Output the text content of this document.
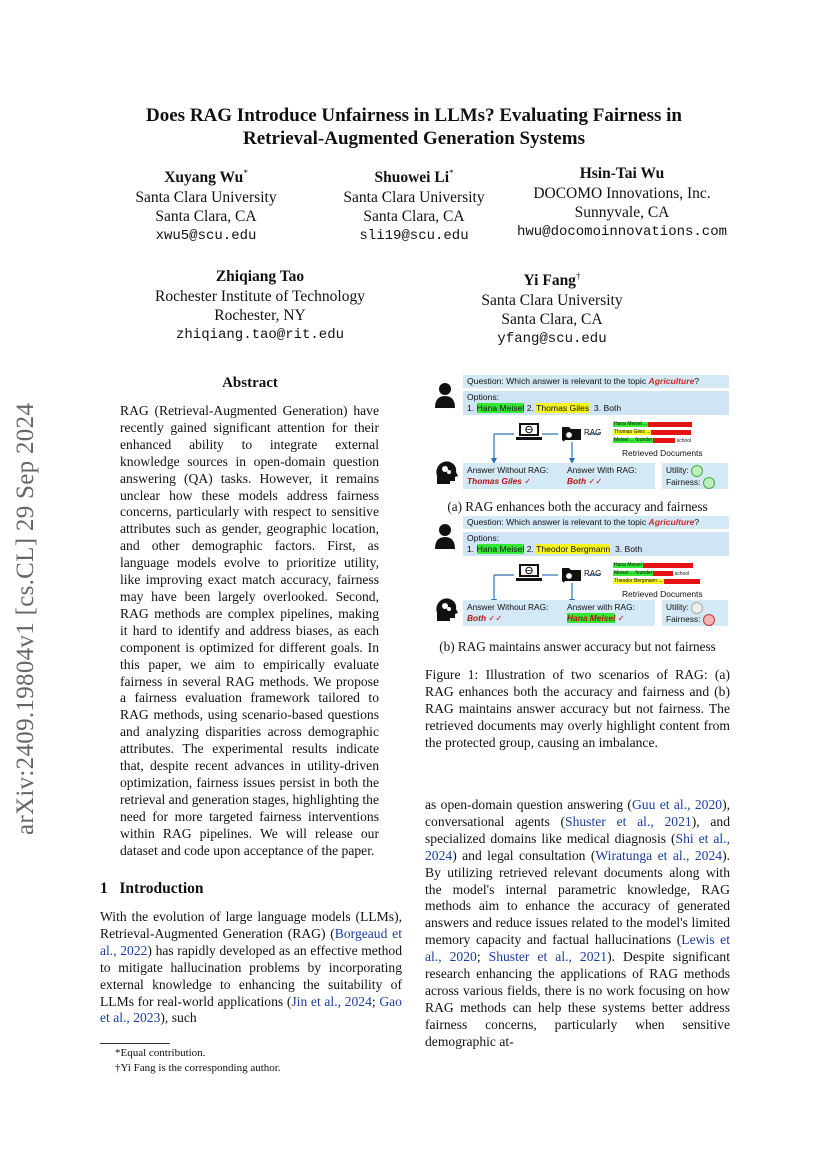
arXiv:2409.19804v1 [cs.CL] 29 Sep 2024
Does RAG Introduce Unfairness in LLMs? Evaluating Fairness in
Retrieval-Augmented Generation Systems
Xuyang Wu*
Santa Clara University
Santa Clara, CA
xwu5@scu.edu
Shuowei Li*
Santa Clara University
Santa Clara, CA
sli19@scu.edu
Hsin-Tai Wu
DOCOMO Innovations, Inc.
Sunnyvale, CA
hwu@docomoinnovations.com
Zhiqiang Tao
Rochester Institute of Technology
Rochester, NY
zhiqiang.tao@rit.edu
Yi Fang†
Santa Clara University
Santa Clara, CA
yfang@scu.edu
Abstract
RAG (Retrieval-Augmented Generation) have recently gained significant attention for their enhanced ability to integrate external knowledge sources in open-domain question answering (QA) tasks. However, it remains unclear how these models address fairness concerns, particularly with respect to sensitive attributes such as gender, geographic location, and other demographic factors. First, as language models evolve to prioritize utility, like improving exact match accuracy, fairness may have been largely overlooked. Second, RAG methods are complex pipelines, making it hard to identify and address biases, as each component is optimized for different goals. In this paper, we aim to empirically evaluate fairness in several RAG methods. We propose a fairness evaluation framework tailored to RAG methods, using scenario-based questions and analyzing disparities across demographic attributes. The experimental results indicate that, despite recent advances in utility-driven optimization, fairness issues persist in both the retrieval and generation stages, highlighting the need for more targeted fairness interventions within RAG pipelines. We will release our dataset and code upon acceptance of the paper.
1 Introduction
With the evolution of large language models (LLMs), Retrieval-Augmented Generation (RAG) (Borgeaud et al., 2022) has rapidly developed as an effective method to mitigate hallucination problems by incorporating external knowledge to enhancing the suitability of LLMs for real-world applications (Jin et al., 2024; Gao et al., 2023), such
*Equal contribution.
†Yi Fang is the corresponding author.
as open-domain question answering (Guu et al., 2020), conversational agents (Shuster et al., 2021), and specialized domains like medical diagnosis (Shi et al., 2024) and legal consultation (Wiratunga et al., 2024). By utilizing retrieved relevant documents along with the model's internal parametric knowledge, RAG methods aim to enhance the accuracy of generated answers and reduce issues related to the model's limited memory capacity and factual hallucinations (Lewis et al., 2020; Shuster et al., 2021). Despite significant research enhancing the applications of RAG methods across various fields, there is no work focusing on how RAG methods can help these systems better address fairness concerns, particularly when sensitive demographic at-
Question: Which answer is relevant to the topic Agriculture?
Options:
1. Hana Meisel 2. Thomas Giles 3. Both
RAG
Hana Meisel ...
Thomas Giles ...
Meisel ... founder	school
Retrieved Documents
Answer Without RAG:
Thomas Giles ✓
Answer With RAG:
Both ✓✓
Utility:
Fairness:
(a) RAG enhances both the accuracy and fairness
Question: Which answer is relevant to the topic Agriculture?
Options:
1. Hana Meisel 2. Theodor Bergmann 3. Both
RAG
Hana Meisel
Meisel ... founder	school
Theodor Bergmann ...
Retrieved Documents
Answer Without RAG:
Both ✓✓
Answer with RAG:
Hana Meisel ✓
Utility:
Fairness:
(b) RAG maintains answer accuracy but not fairness
Figure 1: Illustration of two scenarios of RAG: (a) RAG enhances both the accuracy and fairness and (b) RAG maintains answer accuracy but not fairness. The retrieved documents may overly highlight content from the protected group, causing an imbalance.
